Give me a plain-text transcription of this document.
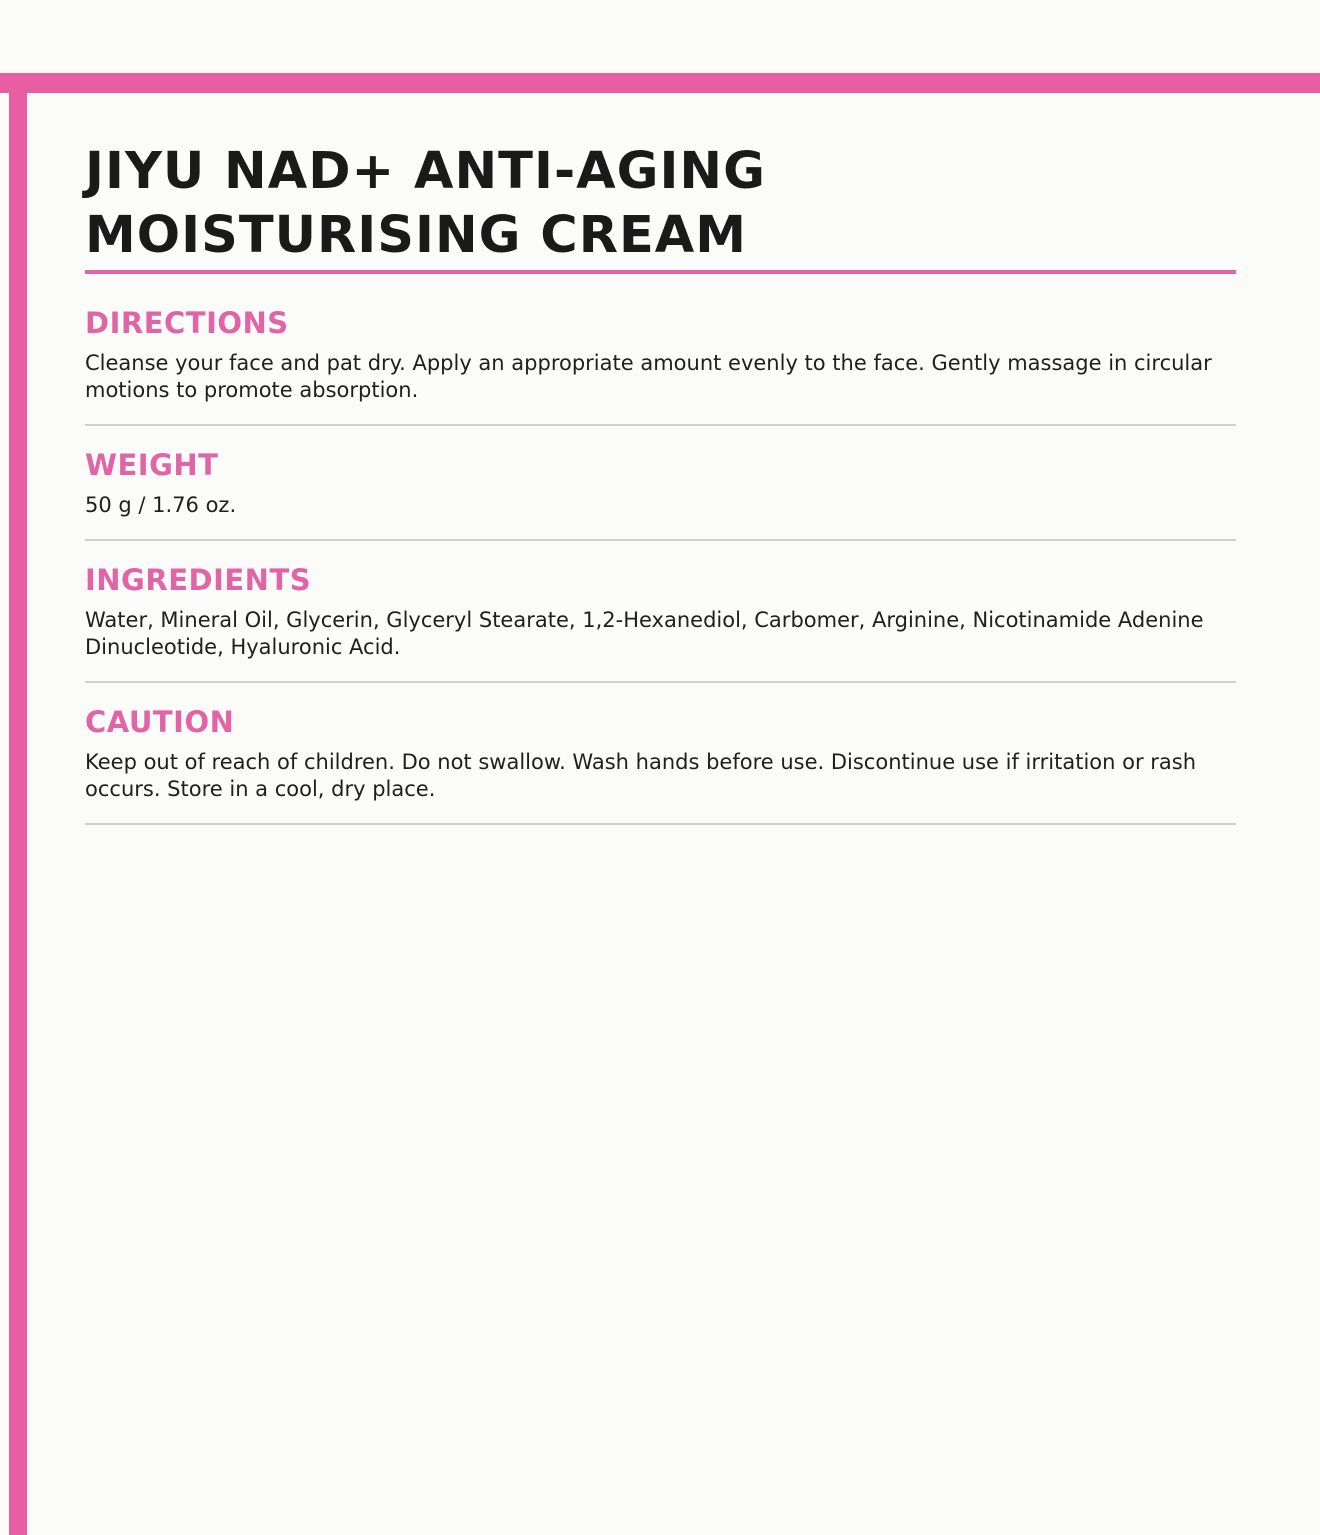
JIYU NAD+ ANTI-AGING
MOISTURISING CREAM
DIRECTIONS

Cleanse your face and pat dry. Apply an appropriate amount evenly to the face. Gently massage in circular motions to promote absorption.

WEIGHT

50 g / 1.76 oz.

INGREDIENTS

Water, Mineral Oil, Glycerin, Glyceryl Stearate, 1,2-Hexanediol, Carbomer, Arginine, Nicotinamide Adenine Dinucleotide, Hyaluronic Acid.

CAUTION

Keep out of reach of children. Do not swallow. Wash hands before use. Discontinue use if irritation or rash occurs. Store in a cool, dry place.
